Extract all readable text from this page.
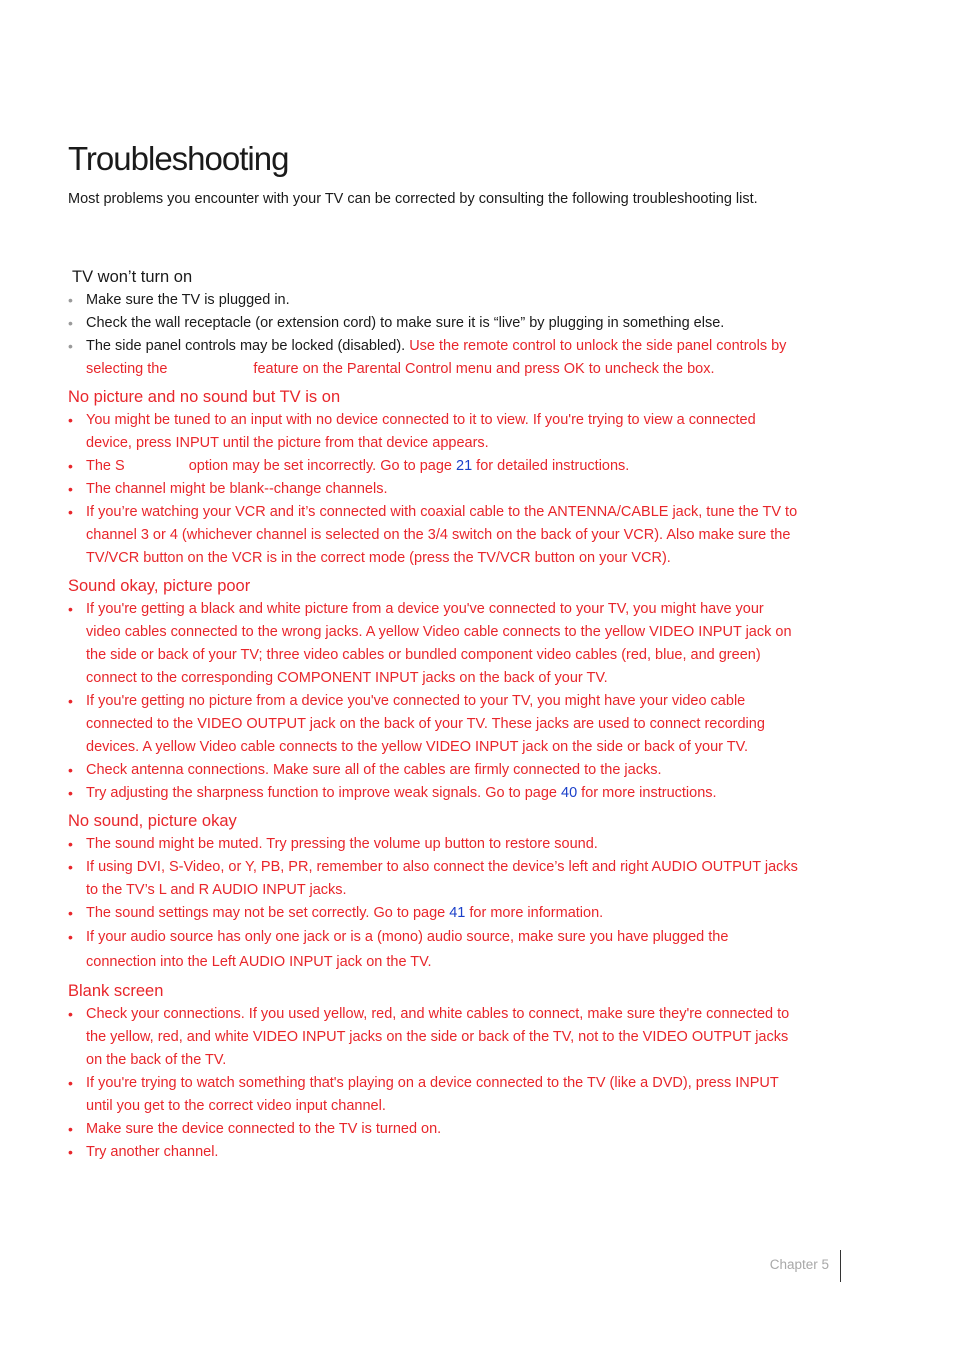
Troubleshooting

Most problems you encounter with your TV can be corrected by consulting the following troubleshooting list.

TV won’t turn on
• Make sure the TV is plugged in.
• Check the wall receptacle (or extension cord) to make sure it is “live” by plugging in something else.
• The side panel controls may be locked (disabled). Use the remote control to unlock the side panel controls by selecting the	feature on the Parental Control menu and press OK to uncheck the box.
No picture and no sound but TV is on
• You might be tuned to an input with no device connected to it to view. If you're trying to view a connected device, press INPUT until the picture from that device appears.
• The S	option may be set incorrectly. Go to page 21 for detailed instructions.
• The channel might be blank--change channels.
• If you’re watching your VCR and it’s connected with coaxial cable to the ANTENNA/CABLE jack, tune the TV to channel 3 or 4 (whichever channel is selected on the 3/4 switch on the back of your VCR). Also make sure the TV/VCR button on the VCR is in the correct mode (press the TV/VCR button on your VCR).
Sound okay, picture poor
• If you're getting a black and white picture from a device you've connected to your TV, you might have your video cables connected to the wrong jacks. A yellow Video cable connects to the yellow VIDEO INPUT jack on the side or back of your TV; three video cables or bundled component video cables (red, blue, and green) connect to the corresponding COMPONENT INPUT jacks on the back of your TV.
• If you're getting no picture from a device you've connected to your TV, you might have your video cable connected to the VIDEO OUTPUT jack on the back of your TV. These jacks are used to connect recording devices. A yellow Video cable connects to the yellow VIDEO INPUT jack on the side or back of your TV.
• Check antenna connections. Make sure all of the cables are firmly connected to the jacks.
• Try adjusting the sharpness function to improve weak signals. Go to page 40 for more instructions.
No sound, picture okay
• The sound might be muted. Try pressing the volume up button to restore sound.
• If using DVI, S-Video, or Y, PB, PR, remember to also connect the device’s left and right AUDIO OUTPUT jacks to the TV’s L and R AUDIO INPUT jacks.
• The sound settings may not be set correctly. Go to page 41 for more information.
• If your audio source has only one jack or is a (mono) audio source, make sure you have plugged the connection into the Left AUDIO INPUT jack on the TV.
Blank screen
• Check your connections. If you used yellow, red, and white cables to connect, make sure they're connected to the yellow, red, and white VIDEO INPUT jacks on the side or back of the TV, not to the VIDEO OUTPUT jacks on the back of the TV.
• If you're trying to watch something that's playing on a device connected to the TV (like a DVD), press INPUT until you get to the correct video input channel.
• Make sure the device connected to the TV is turned on.
• Try another channel.
Chapter 5
